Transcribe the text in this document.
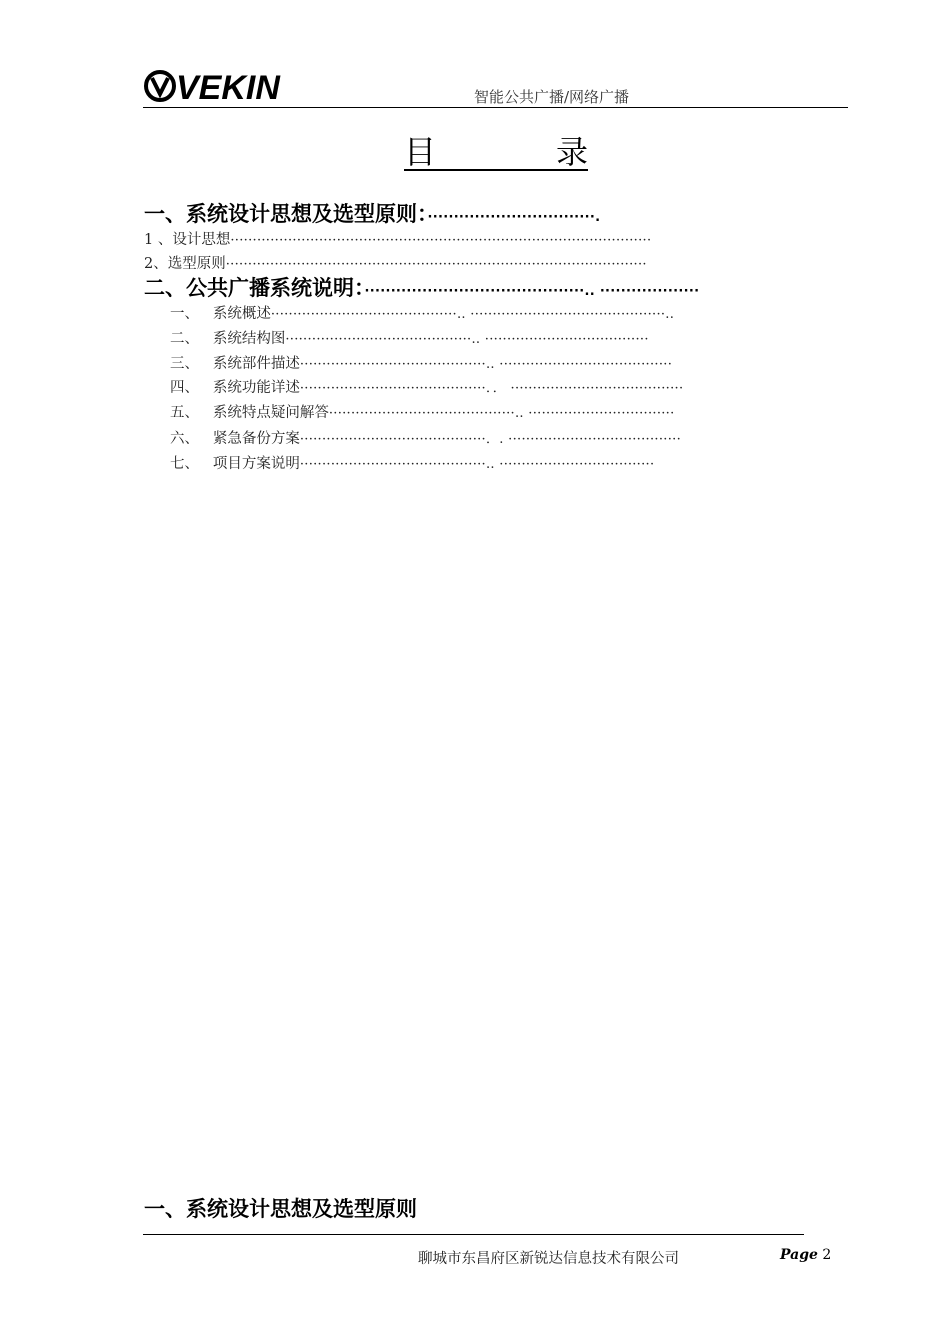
VEKIN	智能公共广播/网络广播
目	录
一、系统设计思想及选型原则：································.
1 、设计思想·······························································································
2、选型原则·······························································································
二、公共广播系统说明：··········································.. ···················
一、 系统概述··········································.. ············································..
二、 系统结构图··········································.. ·····································
三、 系统部件描述··········································.. ·······································
四、 系统功能详述··········································．． ·······································
五、 系统特点疑问解答··········································.. ·································
六、 紧急备份方案··········································．. ·······································
七、 项目方案说明··········································.. ···································
一、系统设计思想及选型原则
聊城市东昌府区新锐达信息技术有限公司	Page 2
